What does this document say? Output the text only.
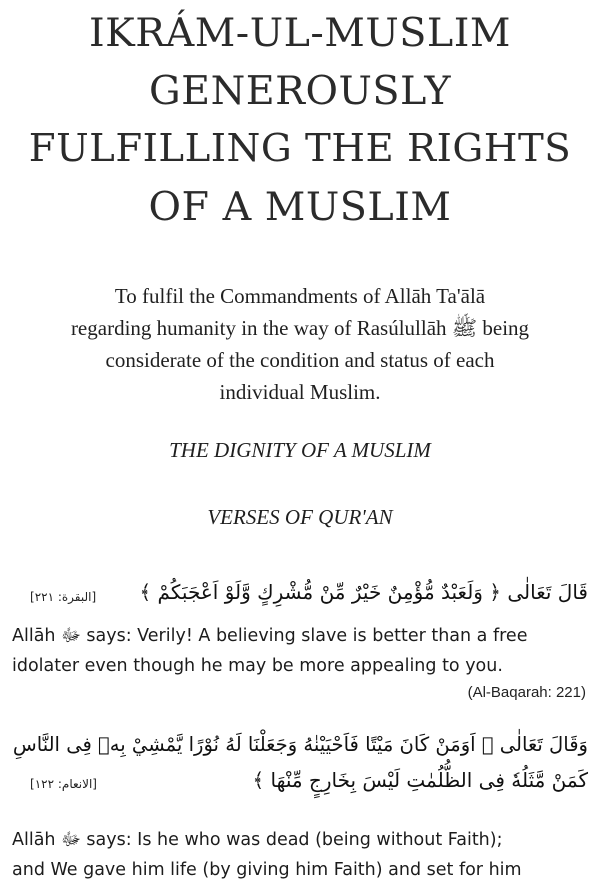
IKRÁM-UL-MUSLIM
GENEROUSLY
FULFILLING THE RIGHTS
OF A MUSLIM
To fulfil the Commandments of Allāh Ta'ālā
regarding humanity in the way of Rasúlullāh ﷺ being
considerate of the condition and status of each
individual Muslim.
THE DIGNITY OF A MUSLIM
VERSES OF QUR'AN
[البقرة: ٢٢١] قَالَ تَعَالٰى ﴿ وَلَعَبْدٌ مُّؤْمِنٌ خَيْرٌ مِّنْ مُّشْرِكٍ وَّلَوْ اَعْجَبَكُمْ ﴾
Allāh ﷻ says: Verily! A believing slave is better than a free
idolater even though he may be more appealing to you.
(Al-Baqarah: 221)
وَقَالَ تَعَالٰى ﴿ اَوَمَنْ كَانَ مَيْتًا فَاَحْيَيْنٰهُ وَجَعَلْنَا لَهُ نُوْرًا يَّمْشِيْ بِهٖ فِى النَّاسِ
[الانعام: ١٢٢]	كَمَنْ مَّثَلُهٗ فِى الظُّلُمٰتِ لَيْسَ بِخَارِجٍ مِّنْهَا ﴾
Allāh ﷻ says: Is he who was dead (being without Faith);
and We gave him life (by giving him Faith) and set for him
